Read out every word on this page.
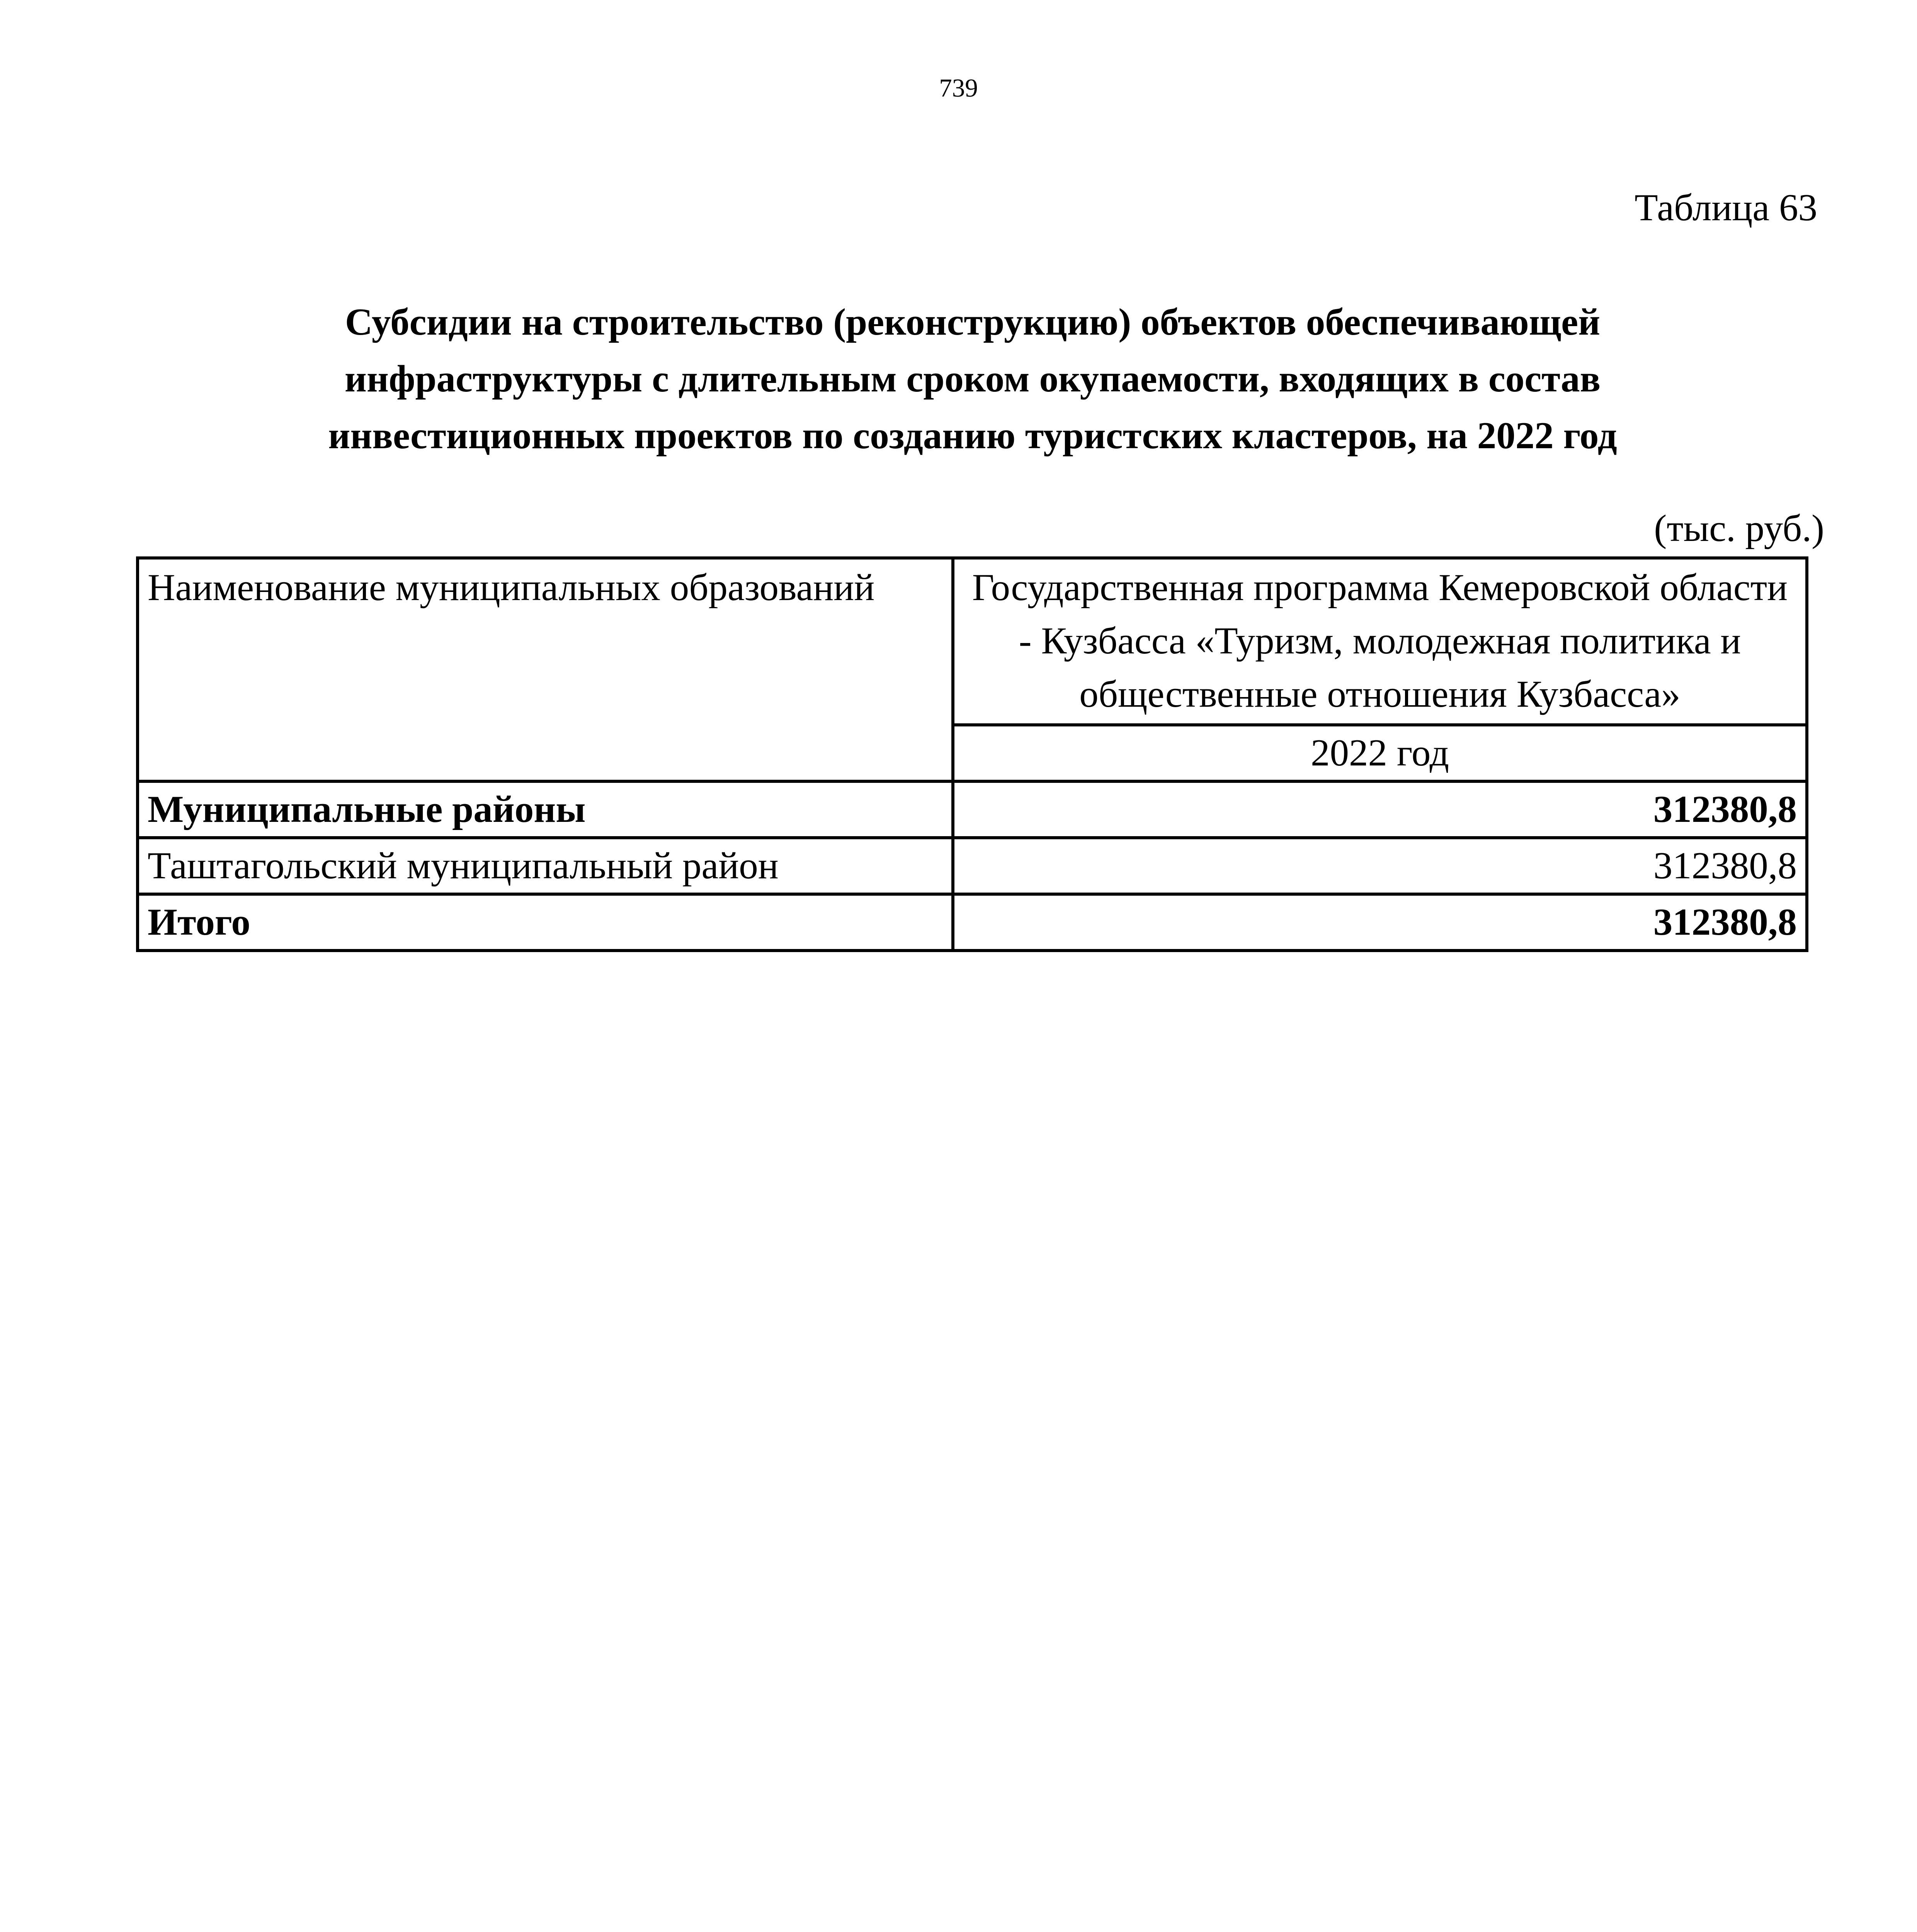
739
Таблица 63
Субсидии на строительство (реконструкцию) объектов обеспечивающей
инфраструктуры с длительным сроком окупаемости, входящих в состав
инвестиционных проектов по созданию туристских кластеров, на 2022 год
(тыс. руб.)
Наименование муниципальных образований	Государственная программа Кемеровской области - Кузбасса «Туризм, молодежная политика и общественные отношения Кузбасса»
	2022 год
Муниципальные районы	312380,8
Таштагольский муниципальный район	312380,8
Итого	312380,8
